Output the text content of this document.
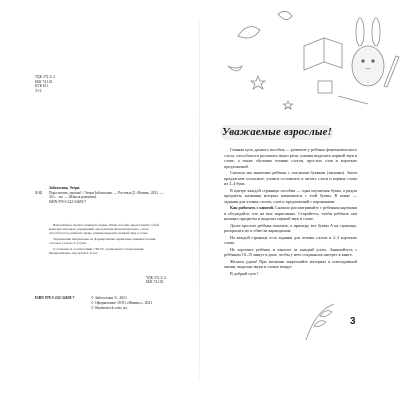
УДК 372.3/.4
ББК 74.102
КТК 611
З-12
Заболотная, Этери.
З-12	Пора читать, малыш! / Этери Заболотная. — Ростов н/Д : Феникс, 2021. — 30 с. : ил. — (Школа развития).
ISBN 978-5-222-34658-7

Ваш ребёнок сможет понимать буквы. Наше пособие представляет собой комплекс игровых упражнений для развития фонематического слуха, способности различать звуки, умения выделять первый звук в слове.

Упражнения направлены на формирование первичных навыков чтения слогов и слов из 3–4 букв.

Составлено в соответствии с ФГОС дошкольного образования. Предназначено для детей 4–6 лет.

УДК 372.3/.4
ББК 74.102
ISBN 978-5-222-34658-7	© Заболотная Э., 2021
© Оформление: ООО «Феникс», 2021
© Shutterstock.com, ил.
Уважаемые взрослые!

Главная цель данного пособия — развитие у ребёнка фонематического слуха, способности различать звуки речи, умения выделять первый звук в слове, а также обучение чтению слогов, простых слов и коротких предложений.

Сначала мы знакомим ребёнка с гласными буквами (звуками). Затем предлагаем согласные, учимся составлять и читать слоги и первые слова из 3–4 букв.

В центре каждой страницы пособия — одна изучаемая буква, а рядом предметы, названия которых начинаются с этой буквы. В конце — задания для чтения слогов, слов и предложений с картинками.

Как работать с книгой. Сначала рассматривайте с ребёнком картинки и обсуждайте, что на них нарисовано. Старайтесь, чтобы ребёнок сам называл предметы и выделял первый звук в слове.

Далее просите ребёнка показать, к примеру, все буквы А на странице, раскрасить их и обвести карандашом.

На каждой странице есть задания для чтения слогов и 2–3 коротких слова.

Не торопите ребёнка и хвалите за каждый успех. Занимайтесь с ребёнком 10–15 минут в день, чтобы у него сохранялся интерес к книге.

Желаем удачи! При желании закрепляйте материал в повседневной жизни, выделяя звуки в словах вокруг.

В добрый путь!

3
